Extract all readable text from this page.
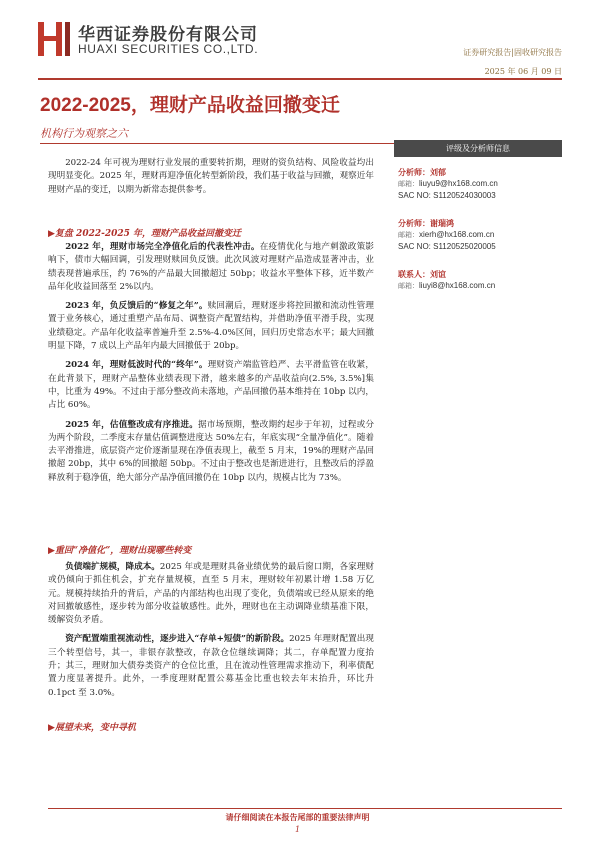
华西证券股份有限公司
HUAXI SECURITIES CO.,LTD.	证券研究报告|固收研究报告
2025 年 06 月 09 日
2022-2025，理财产品收益回撤变迁
机构行为观察之六
评级及分析师信息
分析师：刘郁
邮箱：liuyu9@hx168.com.cn
SAC NO: S1120524030003
分析师：谢瑞鸿
邮箱：xierh@hx168.com.cn
SAC NO: S1120525020005
联系人：刘谊
邮箱：liuyi8@hx168.com.cn

2022-24 年可视为理财行业发展的重要转折期，理财的资负结构、风险收益均出现明显变化。2025 年，理财再迎净值化转型新阶段，我们基于收益与回撤，观察近年理财产品的变迁，以期为新常态提供参考。

▶复盘 2022-2025 年，理财产品收益回撤变迁

2022 年，理财市场完全净值化后的代表性冲击。在疫情优化与地产刺激政策影响下，债市大幅回调，引发理财赎回负反馈。此次风波对理财产品造成显著冲击，业绩表现普遍承压，约 76%的产品最大回撤超过 50bp；收益水平整体下移，近半数产品年化收益回落至 2%以内。

2023 年，负反馈后的“修复之年”。赎回潮后，理财逐步将控回撤和流动性管理置于业务核心，通过重塑产品布局、调整资产配置结构，并借助净值平滑手段，实现业绩稳定。产品年化收益率普遍升至 2.5%-4.0%区间，回归历史常态水平；最大回撤明显下降，7 成以上产品年内最大回撤低于 20bp。

2024 年，理财低波时代的“终年”。理财资产端监管趋严、去平滑监管在收紧，在此背景下，理财产品整体业绩表现下滑，越来越多的产品收益向(2.5%, 3.5%]集中，比重为 49%。不过由于部分整改尚未落地，产品回撤仍基本维持在 10bp 以内，占比 60%。

2025 年，估值整改成有序推进。据市场预期，整改期约起步于年初，过程或分为两个阶段，二季度末存量估值调整进度达 50%左右，年底实现“全量净值化”。随着去平滑推进，底层资产定价逐渐显现在净值表现上，截至 5 月末，19%的理财产品回撤超 20bp，其中 6%的回撤超 50bp。不过由于整改也是渐进进行，且整改后的浮盈释放利于稳净值，绝大部分产品净值回撤仍在 10bp 以内，规模占比为 73%。

▶重回“净值化”，理财出现哪些转变

负债端扩规模，降成本。2025 年或是理财具备业绩优势的最后窗口期，各家理财或仍倾向于抓住机会，扩充存量规模，直至 5 月末，理财较年初累计增 1.58 万亿元。规模持续抬升的背后，产品的内部结构也出现了变化，负债端或已经从原来的绝对回撤敏感性，逐步转为部分收益敏感性。此外，理财也在主动调降业绩基准下限，缓解资负矛盾。

资产配置端重视流动性，逐步进入“存单+短债”的新阶段。2025 年理财配置出现三个转型信号，其一，非银存款整改，存款仓位继续调降；其二，存单配置力度抬升；其三，理财加大债券类资产的仓位比重，且在流动性管理需求推动下，利率债配置力度显著提升。此外，一季度理财配置公募基金比重也较去年末抬升，环比升 0.1pct 至 3.0%。

▶展望未来，变中寻机
请仔细阅读在本报告尾部的重要法律声明
1
